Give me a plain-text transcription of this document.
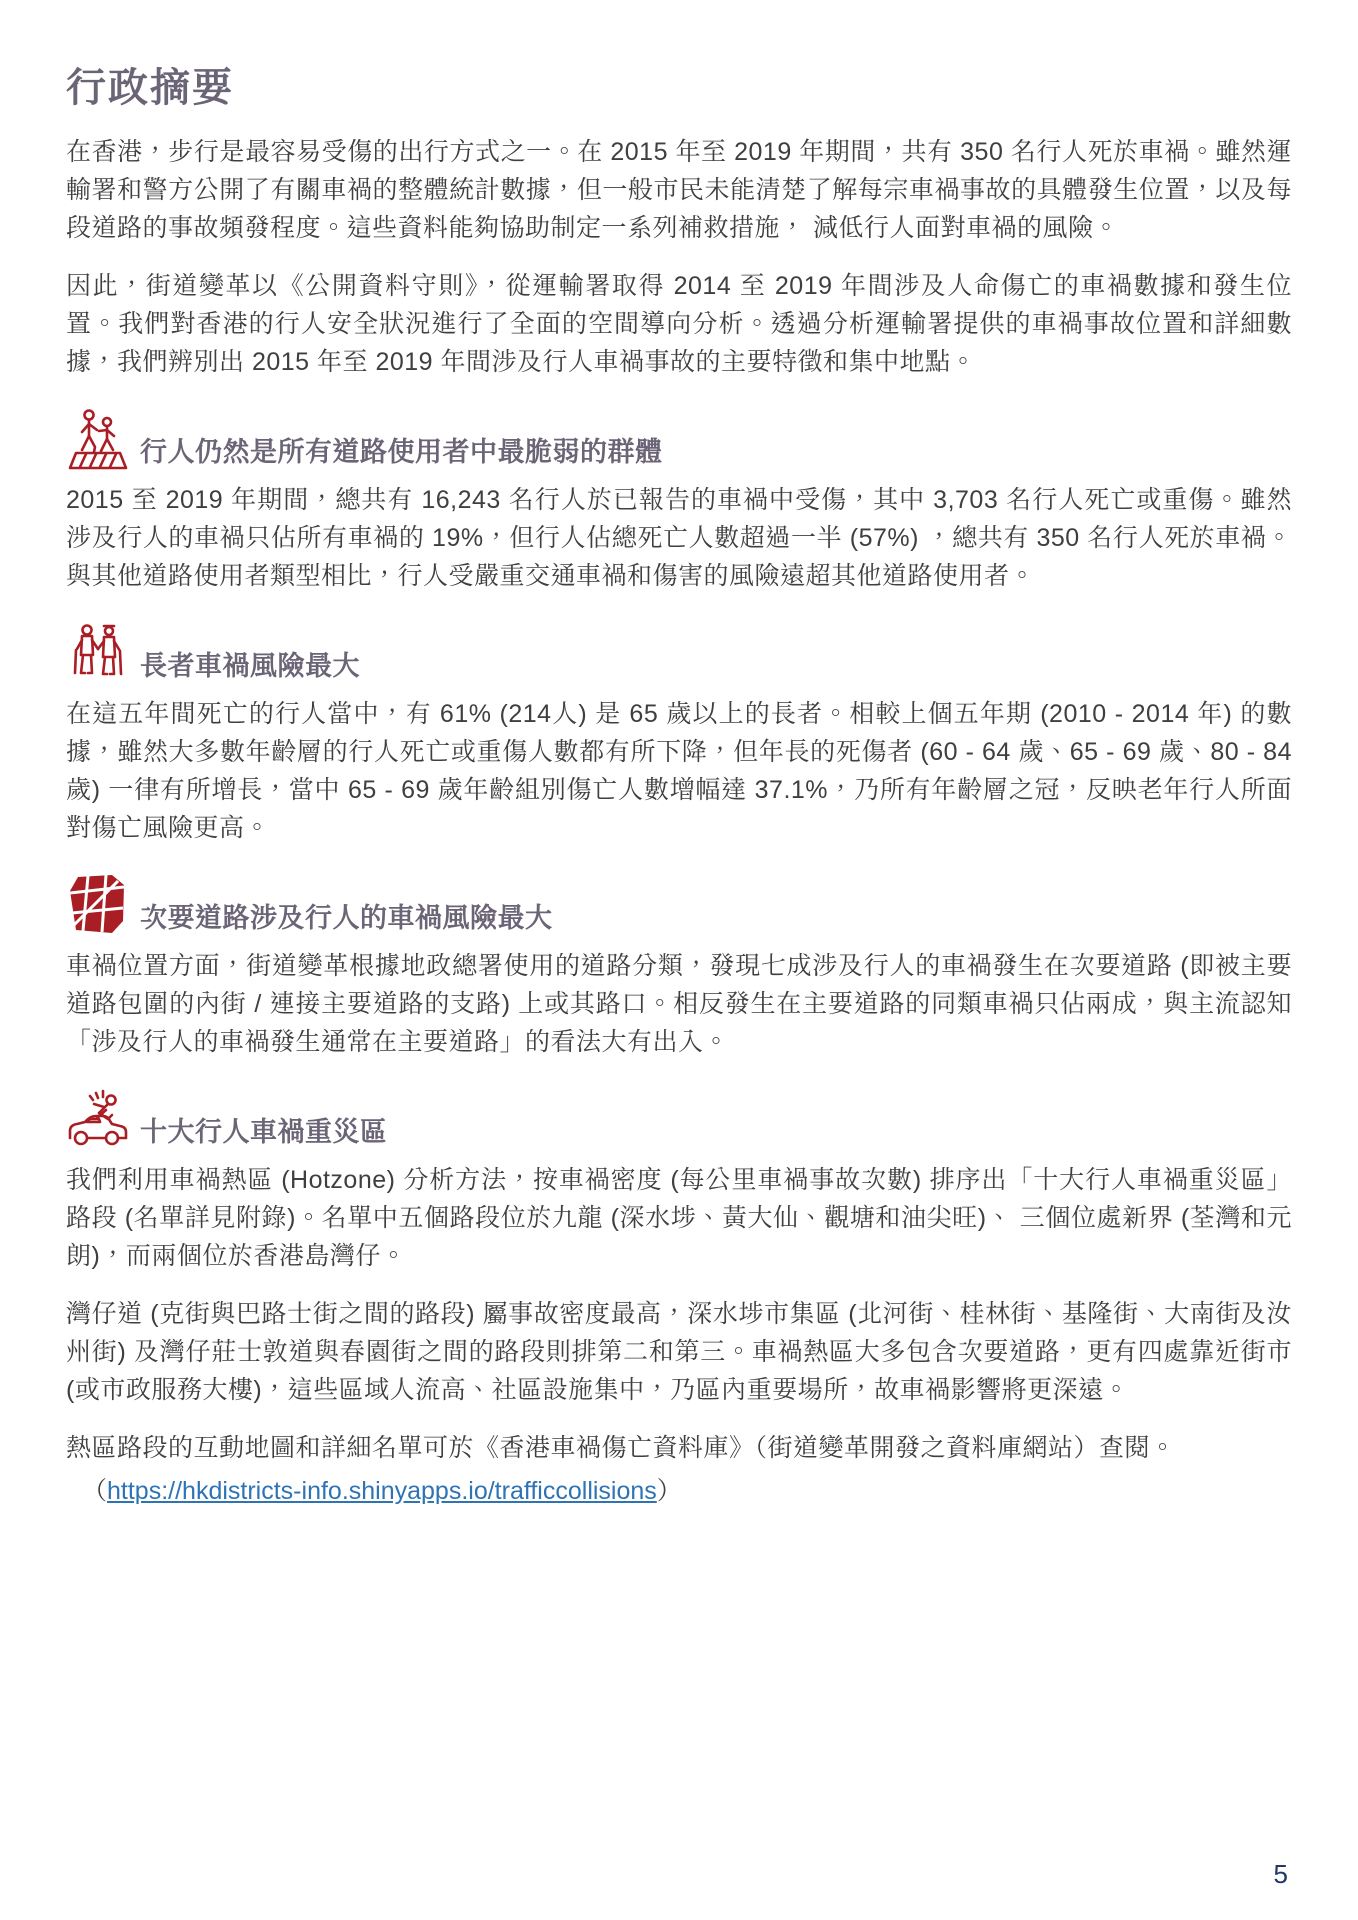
行政摘要

在香港，步行是最容易受傷的出行方式之一。在 2015 年至 2019 年期間，共有 350 名行人死於車禍。雖然運輸署和警方公開了有關車禍的整體統計數據，但一般市民未能清楚了解每宗車禍事故的具體發生位置，以及每段道路的事故頻發程度。這些資料能夠協助制定一系列補救措施， 減低行人面對車禍的風險。

因此，街道變革以《公開資料守則》，從運輸署取得 2014 至 2019 年間涉及人命傷亡的車禍數據和發生位置。我們對香港的行人安全狀況進行了全面的空間導向分析。透過分析運輸署提供的車禍事故位置和詳細數據，我們辨別出 2015 年至 2019 年間涉及行人車禍事故的主要特徵和集中地點。

行人仍然是所有道路使用者中最脆弱的群體

2015 至 2019 年期間，總共有 16,243 名行人於已報告的車禍中受傷，其中 3,703 名行人死亡或重傷。雖然涉及行人的車禍只佔所有車禍的 19%，但行人佔總死亡人數超過一半 (57%) ，總共有 350 名行人死於車禍。與其他道路使用者類型相比，行人受嚴重交通車禍和傷害的風險遠超其他道路使用者。

長者車禍風險最大

在這五年間死亡的行人當中，有 61% (214人) 是 65 歲以上的長者。相較上個五年期 (2010 - 2014 年) 的數據，雖然大多數年齡層的行人死亡或重傷人數都有所下降，但年長的死傷者 (60 - 64 歲、65 - 69 歲、80 - 84 歲) 一律有所增長，當中 65 - 69 歲年齡組別傷亡人數增幅達 37.1%，乃所有年齡層之冠，反映老年行人所面對傷亡風險更高。

次要道路涉及行人的車禍風險最大

車禍位置方面，街道變革根據地政總署使用的道路分類，發現七成涉及行人的車禍發生在次要道路 (即被主要道路包圍的內街 / 連接主要道路的支路) 上或其路口。相反發生在主要道路的同類車禍只佔兩成，與主流認知「涉及行人的車禍發生通常在主要道路」的看法大有出入。

十大行人車禍重災區

我們利用車禍熱區 (Hotzone) 分析方法，按車禍密度 (每公里車禍事故次數) 排序出「十大行人車禍重災區」路段 (名單詳見附錄)。名單中五個路段位於九龍 (深水埗、黃大仙、觀塘和油尖旺)、 三個位處新界 (荃灣和元朗)，而兩個位於香港島灣仔。

灣仔道 (克街與巴路士街之間的路段) 屬事故密度最高，深水埗市集區 (北河街、桂林街、基隆街、大南街及汝州街) 及灣仔莊士敦道與春園街之間的路段則排第二和第三。車禍熱區大多包含次要道路，更有四處靠近街市 (或市政服務大樓)，這些區域人流高、社區設施集中，乃區內重要場所，故車禍影響將更深遠。

熱區路段的互動地圖和詳細名單可於《香港車禍傷亡資料庫》（街道變革開發之資料庫網站）查閱。

（https://hkdistricts-info.shinyapps.io/trafficcollisions）

5
